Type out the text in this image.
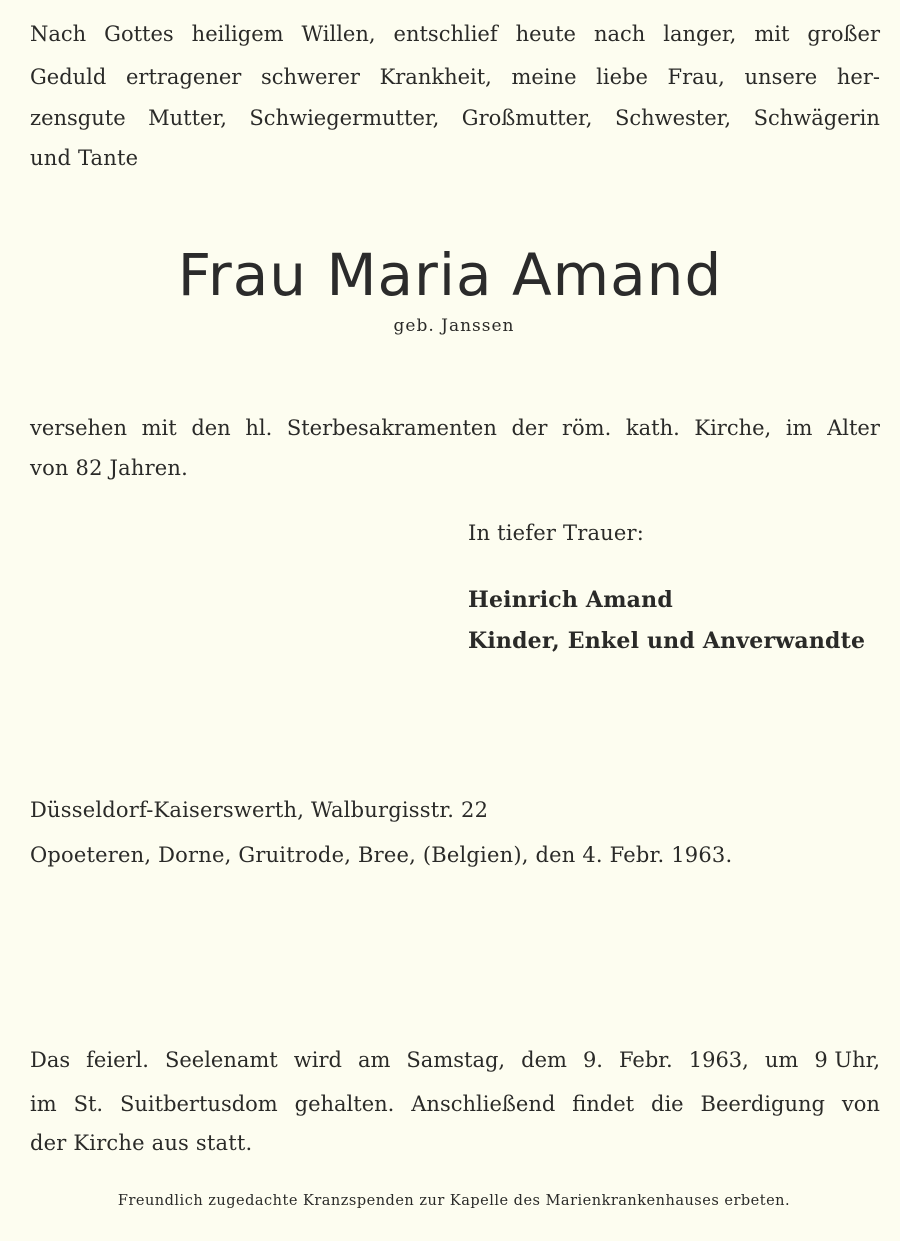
Nach Gottes heiligem Willen, entschlief heute nach langer, mit großer
Geduld ertragener schwerer Krankheit, meine liebe Frau, unsere her-
zensgute Mutter, Schwiegermutter, Großmutter, Schwester, Schwägerin

und Tante

Frau Maria Amand
geb. Janssen
versehen mit den hl. Sterbesakramenten der röm. kath. Kirche, im Alter

von 82 Jahren.

In tiefer Trauer:

Heinrich Amand

Kinder, Enkel und Anverwandte

Düsseldorf-Kaiserswerth, Walburgisstr. 22

Opoeteren, Dorne, Gruitrode, Bree, (Belgien), den 4. Febr. 1963.

Das feierl. Seelenamt wird am Samstag, dem 9. Febr. 1963, um 9 Uhr,
im St. Suitbertusdom gehalten. Anschließend findet die Beerdigung von

der Kirche aus statt.

Freundlich zugedachte Kranzspenden zur Kapelle des Marienkrankenhauses erbeten.
